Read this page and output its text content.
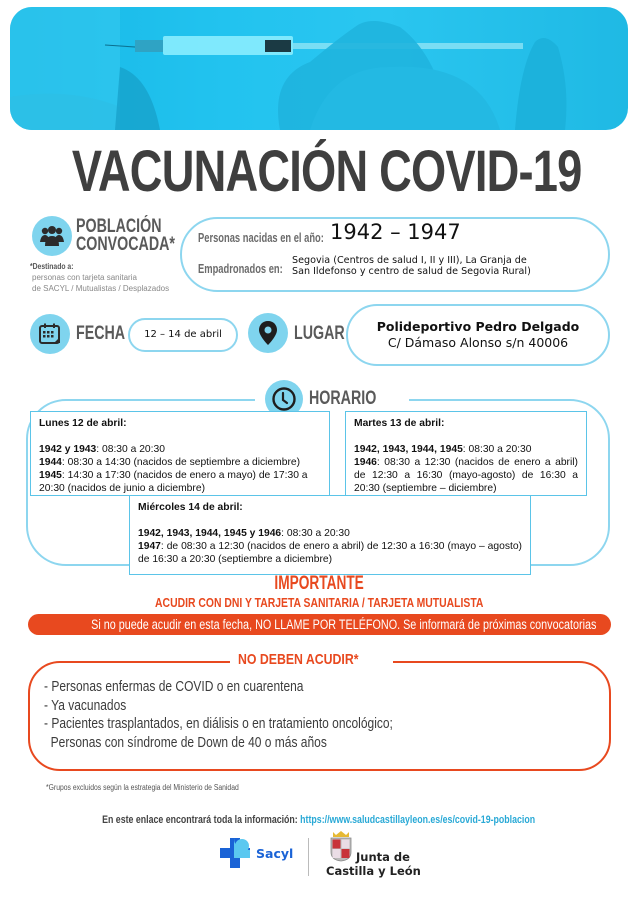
VACUNACIÓN COVID-19
POBLACIÓN
CONVOCADA*
*Destinado a:
personas con tarjeta sanitaria
de SACYL / Mutualistas / Desplazados
Personas nacidas en el año: 1942 – 1947
Empadronados en:
Segovia (Centros de salud I, II y III), La Granja de
San Ildefonso y centro de salud de Segovia Rural)
FECHA	12 – 14 de abril	LUGAR	Polideportivo Pedro Delgado
C/ Dámaso Alonso s/n 40006
HORARIO
Lunes 12 de abril:
1942 y 1943: 08:30 a 20:30
1944: 08:30 a 14:30 (nacidos de septiembre a diciembre)
1945: 14:30 a 17:30 (nacidos de enero a mayo) de 17:30 a 20:30 (nacidos de junio a diciembre)
Martes 13 de abril:
1942, 1943, 1944, 1945: 08:30 a 20:30
1946: 08:30 a 12:30 (nacidos de enero a abril) de 12:30 a 16:30 (mayo-agosto) de 16:30 a 20:30 (septiembre – diciembre)
Miércoles 14 de abril:
1942, 1943, 1944, 1945 y 1946: 08:30 a 20:30
1947: de 08:30 a 12:30 (nacidos de enero a abril) de 12:30 a 16:30 (mayo – agosto) de 16:30 a 20:30 (septiembre a diciembre)
IMPORTANTE
ACUDIR CON DNI Y TARJETA SANITARIA / TARJETA MUTUALISTA
Si no puede acudir en esta fecha, NO LLAME POR TELÉFONO. Se informará de próximas convocatorias
NO DEBEN ACUDIR*
- Personas enfermas de COVID o en cuarentena
- Ya vacunados
- Pacientes trasplantados, en diálisis o en tratamiento oncológico;
Personas con síndrome de Down de 40 o más años
*Grupos excluidos según la estrategia del Ministerio de Sanidad
En este enlace encontrará toda la información: https://www.saludcastillayleon.es/es/covid-19-poblacion
Sacyl	Junta de
Castilla y León
